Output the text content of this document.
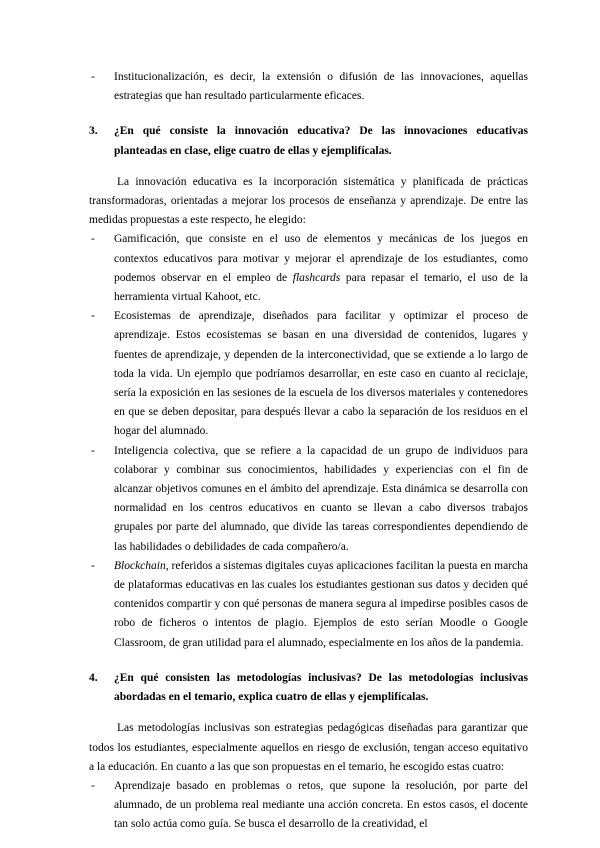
- Institucionalización, es decir, la extensión o difusión de las innovaciones, aquellas estrategias que han resultado particularmente eficaces.
3. ¿En qué consiste la innovación educativa? De las innovaciones educativas planteadas en clase, elige cuatro de ellas y ejemplifícalas.

La innovación educativa es la incorporación sistemática y planificada de prácticas transformadoras, orientadas a mejorar los procesos de enseñanza y aprendizaje. De entre las medidas propuestas a este respecto, he elegido:

- Gamificación, que consiste en el uso de elementos y mecánicas de los juegos en contextos educativos para motivar y mejorar el aprendizaje de los estudiantes, como podemos observar en el empleo de flashcards para repasar el temario, el uso de la herramienta virtual Kahoot, etc.
- Ecosistemas de aprendizaje, diseñados para facilitar y optimizar el proceso de aprendizaje. Estos ecosistemas se basan en una diversidad de contenidos, lugares y fuentes de aprendizaje, y dependen de la interconectividad, que se extiende a lo largo de toda la vida. Un ejemplo que podríamos desarrollar, en este caso en cuanto al reciclaje, sería la exposición en las sesiones de la escuela de los diversos materiales y contenedores en que se deben depositar, para después llevar a cabo la separación de los residuos en el hogar del alumnado.
- Inteligencia colectiva, que se refiere a la capacidad de un grupo de individuos para colaborar y combinar sus conocimientos, habilidades y experiencias con el fin de alcanzar objetivos comunes en el ámbito del aprendizaje. Esta dinámica se desarrolla con normalidad en los centros educativos en cuanto se llevan a cabo diversos trabajos grupales por parte del alumnado, que divide las tareas correspondientes dependiendo de las habilidades o debilidades de cada compañero/a.
- Blockchain, referidos a sistemas digitales cuyas aplicaciones facilitan la puesta en marcha de plataformas educativas en las cuales los estudiantes gestionan sus datos y deciden qué contenidos compartir y con qué personas de manera segura al impedirse posibles casos de robo de ficheros o intentos de plagio. Ejemplos de esto serían Moodle o Google Classroom, de gran utilidad para el alumnado, especialmente en los años de la pandemia.
4. ¿En qué consisten las metodologías inclusivas? De las metodologías inclusivas abordadas en el temario, explica cuatro de ellas y ejemplifícalas.

Las metodologías inclusivas son estrategias pedagógicas diseñadas para garantizar que todos los estudiantes, especialmente aquellos en riesgo de exclusión, tengan acceso equitativo a la educación. En cuanto a las que son propuestas en el temario, he escogido estas cuatro:

- Aprendizaje basado en problemas o retos, que supone la resolución, por parte del alumnado, de un problema real mediante una acción concreta. En estos casos, el docente tan solo actúa como guía. Se busca el desarrollo de la creatividad, el
